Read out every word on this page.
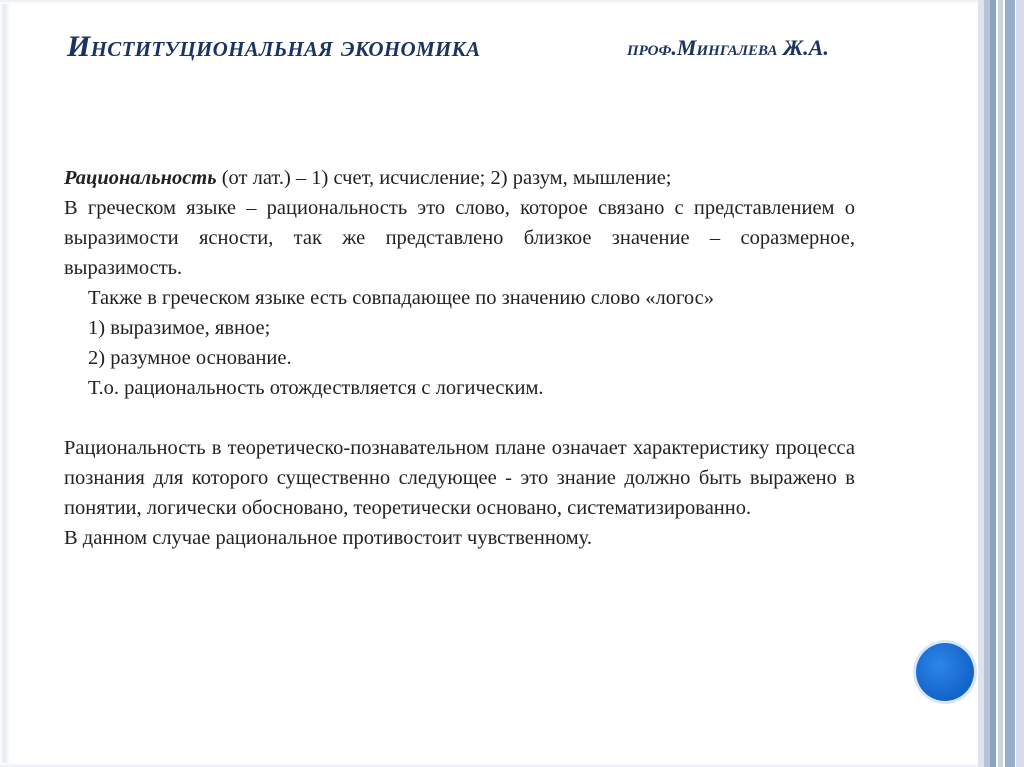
Институциональная экономика	проф.Мингалева Ж.А.

Рациональность (от лат.) – 1) счет, исчисление; 2) разум, мышление;

В греческом языке – рациональность это слово, которое связано с представлением о выразимости ясности, так же представлено близкое значение – соразмерное, выразимость.

Также в греческом языке есть совпадающее по значению слово «логос»

1) выразимое, явное;

2) разумное основание.

Т.о. рациональность отождествляется с логическим.

Рациональность в теоретическо-познавательном плане означает характеристику процесса познания для которого существенно следующее - это знание должно быть выражено в понятии, логически обосновано, теоретически основано, систематизированно.

В данном случае рациональное противостоит чувственному.
